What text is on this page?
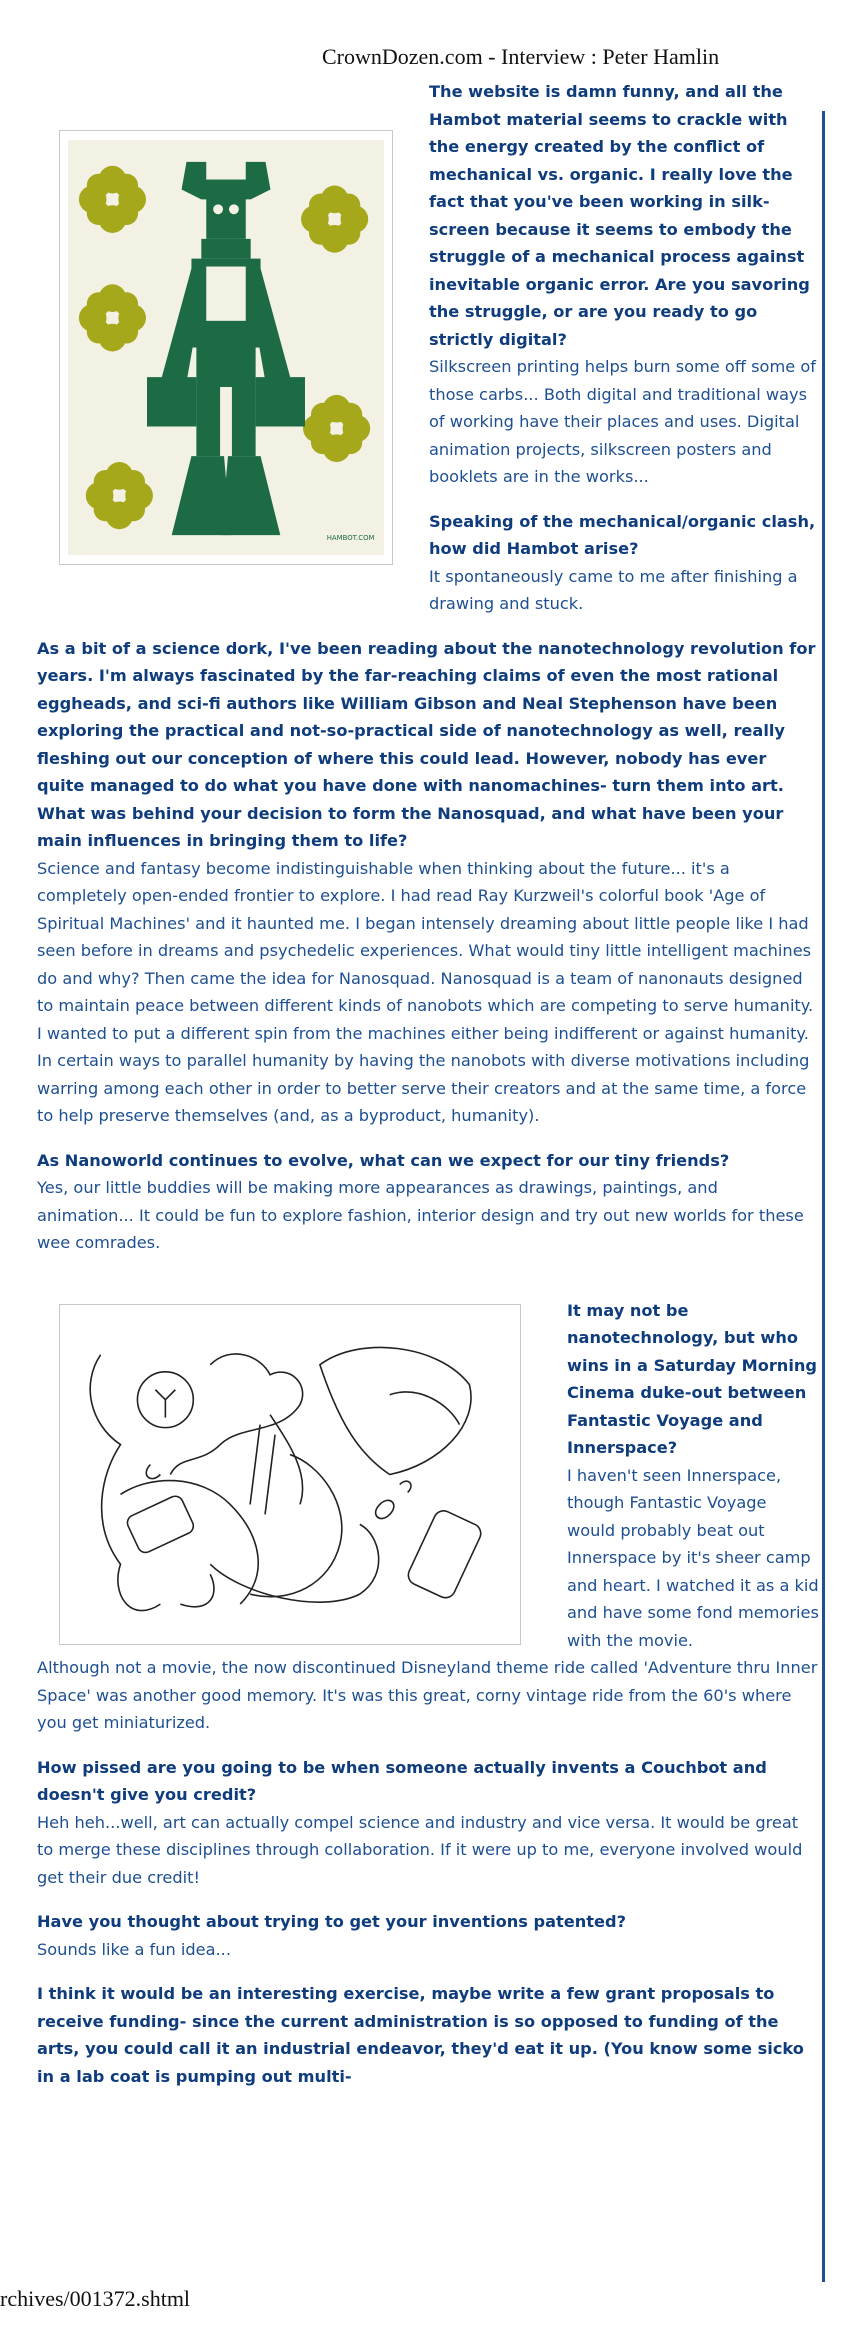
CrownDozen.com - Interview : Peter Hamlin
HAMBOT.COM

The website is damn funny, and all the Hambot material seems to crackle with the energy created by the conflict of mechanical vs. organic. I really love the fact that you've been working in silk-screen because it seems to embody the struggle of a mechanical process against inevitable organic error. Are you savoring the struggle, or are you ready to go strictly digital?
Silkscreen printing helps burn some off some of those carbs... Both digital and traditional ways of working have their places and uses. Digital animation projects, silkscreen posters and booklets are in the works...

Speaking of the mechanical/organic clash, how did Hambot arise?
It spontaneously came to me after finishing a drawing and stuck.

As a bit of a science dork, I've been reading about the nanotechnology revolution for years. I'm always fascinated by the far-reaching claims of even the most rational eggheads, and sci-fi authors like William Gibson and Neal Stephenson have been exploring the practical and not-so-practical side of nanotechnology as well, really fleshing out our conception of where this could lead. However, nobody has ever quite managed to do what you have done with nanomachines- turn them into art. What was behind your decision to form the Nanosquad, and what have been your main influences in bringing them to life?
Science and fantasy become indistinguishable when thinking about the future... it's a completely open-ended frontier to explore. I had read Ray Kurzweil's colorful book 'Age of Spiritual Machines' and it haunted me. I began intensely dreaming about little people like I had seen before in dreams and psychedelic experiences. What would tiny little intelligent machines do and why? Then came the idea for Nanosquad. Nanosquad is a team of nanonauts designed to maintain peace between different kinds of nanobots which are competing to serve humanity. I wanted to put a different spin from the machines either being indifferent or against humanity. In certain ways to parallel humanity by having the nanobots with diverse motivations including warring among each other in order to better serve their creators and at the same time, a force to help preserve themselves (and, as a byproduct, humanity).

As Nanoworld continues to evolve, what can we expect for our tiny friends?
Yes, our little buddies will be making more appearances as drawings, paintings, and animation... It could be fun to explore fashion, interior design and try out new worlds for these wee comrades.

It may not be nanotechnology, but who wins in a Saturday Morning Cinema duke-out between Fantastic Voyage and Innerspace?
I haven't seen Innerspace, though Fantastic Voyage would probably beat out Innerspace by it's sheer camp and heart. I watched it as a kid and have some fond memories with the movie.
Although not a movie, the now discontinued Disneyland theme ride called 'Adventure thru Inner Space' was another good memory. It's was this great, corny vintage ride from the 60's where you get miniaturized.

How pissed are you going to be when someone actually invents a Couchbot and doesn't give you credit?
Heh heh...well, art can actually compel science and industry and vice versa. It would be great to merge these disciplines through collaboration. If it were up to me, everyone involved would get their due credit!

Have you thought about trying to get your inventions patented?
Sounds like a fun idea...

I think it would be an interesting exercise, maybe write a few grant proposals to receive funding- since the current administration is so opposed to funding of the arts, you could call it an industrial endeavor, they'd eat it up. (You know some sicko in a lab coat is pumping out multi-

rchives/001372.shtml
